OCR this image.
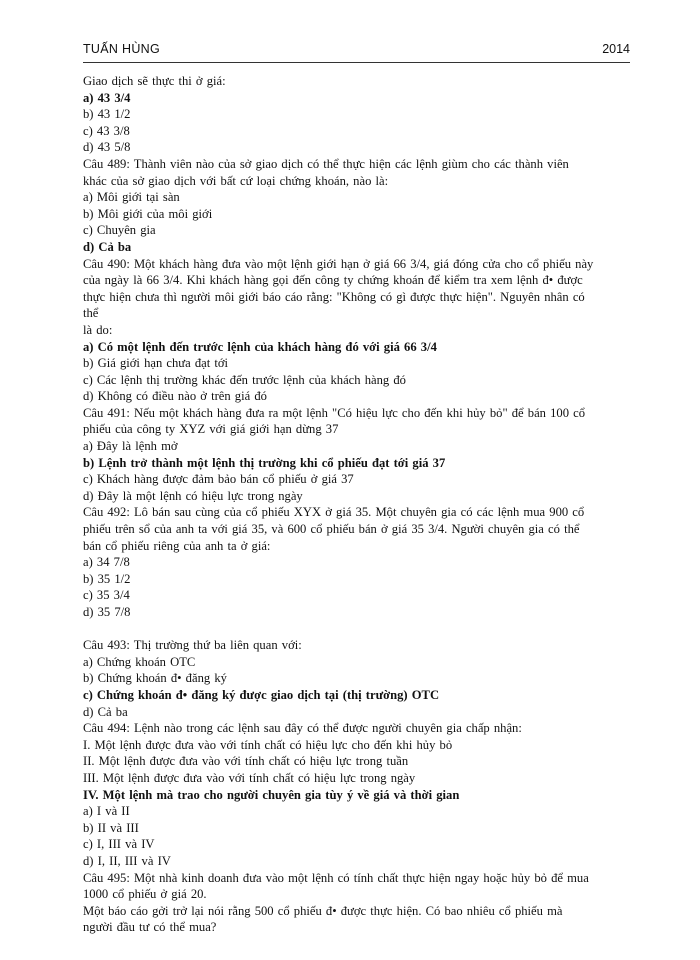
TUẤN HÙNG	2014
Giao dịch sẽ thực thi ở giá:
a) 43 3/4
b) 43 1/2
c) 43 3/8
d) 43 5/8
Câu 489: Thành viên nào của sở giao dịch có thể thực hiện các lệnh giùm cho các thành viên
khác của sở giao dịch với bất cứ loại chứng khoán, nào là:
a) Môi giới tại sàn
b) Môi giới của môi giới
c) Chuyên gia
d) Cả ba
Câu 490: Một khách hàng đưa vào một lệnh giới hạn ở giá 66 3/4, giá đóng cửa cho cổ phiếu này
của ngày là 66 3/4. Khi khách hàng gọi đến công ty chứng khoán để kiểm tra xem lệnh đ• được
thực hiện chưa thì người môi giới báo cáo rằng: "Không có gì được thực hiện". Nguyên nhân có
thể
là do:
a) Có một lệnh đến trước lệnh của khách hàng đó với giá 66 3/4
b) Giá giới hạn chưa đạt tới
c) Các lệnh thị trường khác đến trước lệnh của khách hàng đó
d) Không có điều nào ở trên giá đó
Câu 491: Nếu một khách hàng đưa ra một lệnh "Có hiệu lực cho đến khi hủy bỏ" để bán 100 cổ
phiếu của công ty XYZ với giá giới hạn dừng 37
a) Đây là lệnh mở
b) Lệnh trở thành một lệnh thị trường khi cổ phiếu đạt tới giá 37
c) Khách hàng được đảm bảo bán cổ phiếu ở giá 37
d) Đây là một lệnh có hiệu lực trong ngày
Câu 492: Lô bán sau cùng của cổ phiếu XYX ở giá 35. Một chuyên gia có các lệnh mua 900 cổ
phiếu trên sổ của anh ta với giá 35, và 600 cổ phiếu bán ở giá 35 3/4. Người chuyên gia có thể
bán cổ phiếu riêng của anh ta ở giá:
a) 34 7/8
b) 35 1/2
c) 35 3/4
d) 35 7/8
Câu 493: Thị trường thứ ba liên quan với:
a) Chứng khoán OTC
b) Chứng khoán đ• đăng ký
c) Chứng khoán đ• đăng ký được giao dịch tại (thị trường) OTC
d) Cả ba
Câu 494: Lệnh nào trong các lệnh sau đây có thể được người chuyên gia chấp nhận:
I. Một lệnh được đưa vào với tính chất có hiệu lực cho đến khi hủy bỏ
II. Một lệnh được đưa vào với tính chất có hiệu lực trong tuần
III. Một lệnh được đưa vào với tính chất có hiệu lực trong ngày
IV. Một lệnh mà trao cho người chuyên gia tùy ý về giá và thời gian
a) I và II
b) II và III
c) I, III và IV
d) I, II, III và IV
Câu 495: Một nhà kinh doanh đưa vào một lệnh có tính chất thực hiện ngay hoặc hủy bỏ để mua
1000 cổ phiếu ở giá 20.
Một báo cáo gởi trở lại nói rằng 500 cổ phiếu đ• được thực hiện. Có bao nhiêu cổ phiếu mà
người đầu tư có thể mua?
